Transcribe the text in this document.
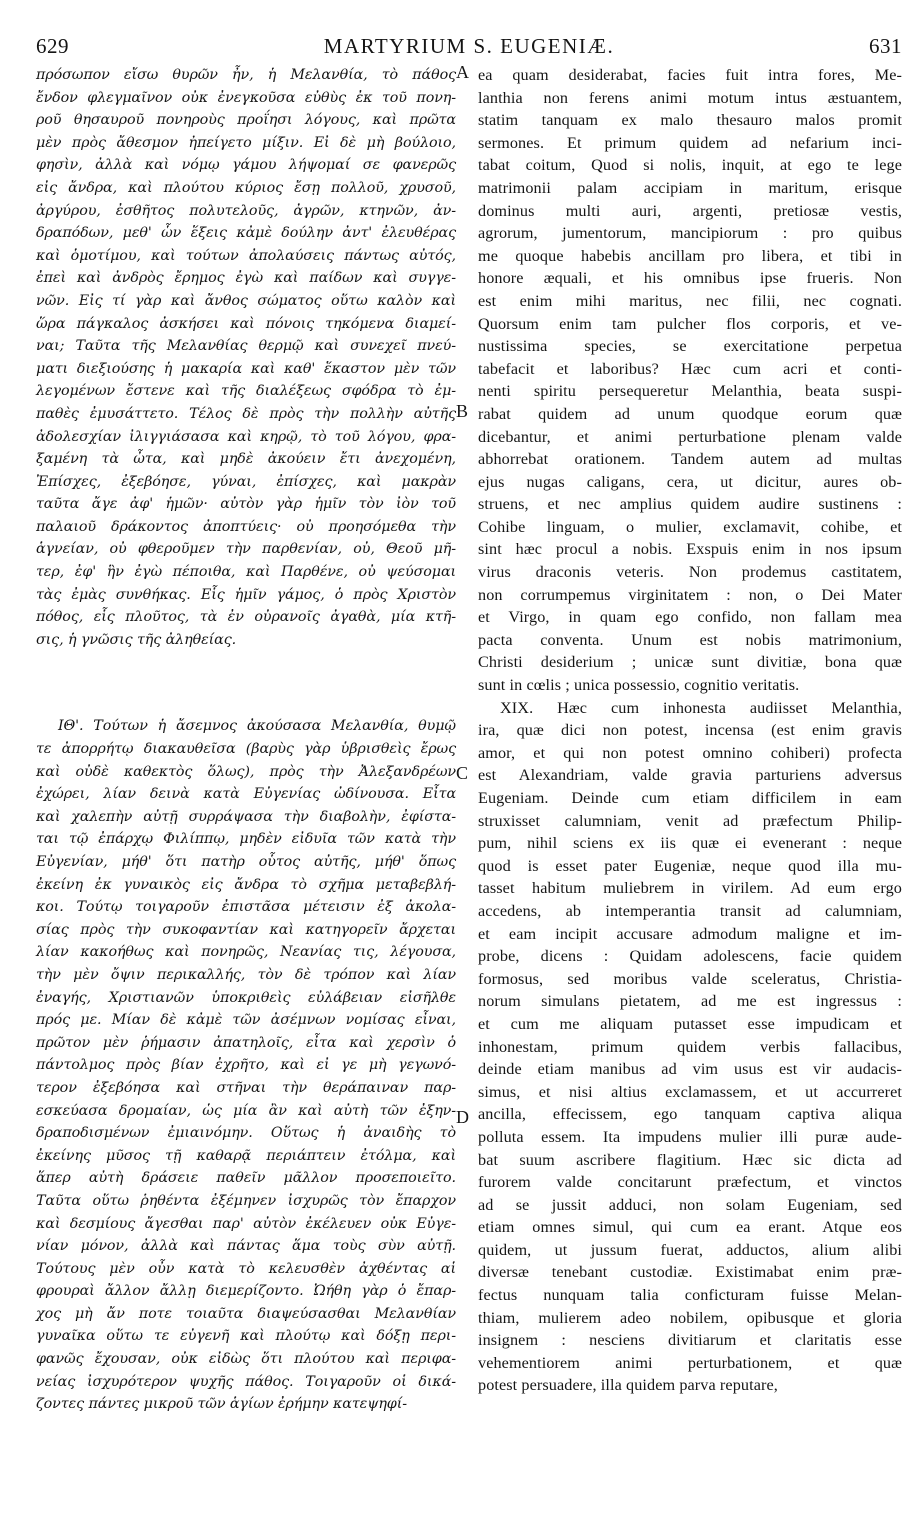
629	MARTYRIUM S. EUGENIÆ.	631
πρόσωπον εἴσω θυρῶν ἦν, ἡ Μελανθία, τὸ πάθος
ἔνδον φλεγμαῖνον οὐκ ἐνεγκοῦσα εὐθὺς ἐκ τοῦ πονη-
ροῦ θησαυροῦ πονηροὺς προΐησι λόγους, καὶ πρῶτα
μὲν πρὸς ἄθεσμον ἠπείγετο μίξιν. Εἰ δὲ μὴ βούλοιο,
φησὶν, ἀλλὰ καὶ νόμῳ γάμου λήψομαί σε φανερῶς
εἰς ἄνδρα, καὶ πλούτου κύριος ἔσῃ πολλοῦ, χρυσοῦ,
ἀργύρου, ἐσθῆτος πολυτελοῦς, ἀγρῶν, κτηνῶν, ἀν-
δραπόδων, μεθ' ὧν ἕξεις κἀμὲ δούλην ἀντ' ἐλευθέρας
καὶ ὁμοτίμου, καὶ τούτων ἀπολαύσεις πάντως αὐτός,
ἐπεὶ καὶ ἀνδρὸς ἔρημος ἐγὼ καὶ παίδων καὶ συγγε-
νῶν. Εἰς τί γὰρ καὶ ἄνθος σώματος οὕτω καλὸν καὶ
ὥρα πάγκαλος ἀσκήσει καὶ πόνοις τηκόμενα διαμεί-
ναι; Ταῦτα τῆς Μελανθίας θερμῷ καὶ συνεχεῖ πνεύ-
ματι διεξιούσης ἡ μακαρία καὶ καθ' ἕκαστον μὲν τῶν
λεγομένων ἔστενε καὶ τῆς διαλέξεως σφόδρα τὸ ἐμ-
παθὲς ἐμυσάττετο. Τέλος δὲ πρὸς τὴν πολλὴν αὐτῆς
ἀδολεσχίαν ἰλιγγιάσασα καὶ κηρῷ, τὸ τοῦ λόγου, φρα-
ξαμένη τὰ ὦτα, καὶ μηδὲ ἀκούειν ἔτι ἀνεχομένη,
Ἐπίσχες, ἐξεβόησε, γύναι, ἐπίσχες, καὶ μακρὰν
ταῦτα ἄγε ἀφ' ἡμῶν· αὐτὸν γὰρ ἡμῖν τὸν ἰὸν τοῦ
παλαιοῦ δράκοντος ἀποπτύεις· οὐ προησόμεθα τὴν
ἁγνείαν, οὐ φθεροῦμεν τὴν παρθενίαν, οὐ, Θεοῦ μῆ-
τερ, ἐφ' ἣν ἐγὼ πέποιθα, καὶ Παρθένε, οὐ ψεύσομαι
τὰς ἐμὰς συνθήκας. Εἷς ἡμῖν γάμος, ὁ πρὸς Χριστὸν
πόθος, εἷς πλοῦτος, τὰ ἐν οὐρανοῖς ἀγαθὰ, μία κτῆ-
σις, ἡ γνῶσις τῆς ἀληθείας.
ΙΘ'. Τούτων ἡ ἄσεμνος ἀκούσασα Μελανθία, θυμῷ
τε ἀπορρήτῳ διακαυθεῖσα (βαρὺς γὰρ ὑβρισθεὶς ἔρως
καὶ οὐδὲ καθεκτὸς ὅλως), πρὸς τὴν Ἀλεξανδρέων
ἐχώρει, λίαν δεινὰ κατὰ Εὐγενίας ὠδίνουσα. Εἶτα
καὶ χαλεπὴν αὐτῇ συρράψασα τὴν διαβολὴν, ἐφίστα-
ται τῷ ἐπάρχῳ Φιλίππῳ, μηδὲν εἰδυῖα τῶν κατὰ τὴν
Εὐγενίαν, μήθ' ὅτι πατὴρ οὗτος αὐτῆς, μήθ' ὅπως
ἐκείνη ἐκ γυναικὸς εἰς ἄνδρα τὸ σχῆμα μεταβεβλή-
κοι. Τούτῳ τοιγαροῦν ἐπιστᾶσα μέτεισιν ἐξ ἀκολα-
σίας πρὸς τὴν συκοφαντίαν καὶ κατηγορεῖν ἄρχεται
λίαν κακοήθως καὶ πονηρῶς, Νεανίας τις, λέγουσα,
τὴν μὲν ὄψιν περικαλλής, τὸν δὲ τρόπον καὶ λίαν
ἐναγής, Χριστιανῶν ὑποκριθεὶς εὐλάβειαν εἰσῆλθε
πρός με. Μίαν δὲ κἀμὲ τῶν ἀσέμνων νομίσας εἶναι,
πρῶτον μὲν ῥήμασιν ἀπατηλοῖς, εἶτα καὶ χερσὶν ὁ
πάντολμος πρὸς βίαν ἐχρῆτο, καὶ εἰ γε μὴ γεγωνό-
τερον ἐξεβόησα καὶ στῆναι τὴν θεράπαιναν παρ-
εσκεύασα δρομαίαν, ὡς μία ἂν καὶ αὐτὴ τῶν ἐξην-
δραποδισμένων ἐμιαινόμην. Οὕτως ἡ ἀναιδὴς τὸ
ἐκείνης μῦσος τῇ καθαρᾷ περιάπτειν ἐτόλμα, καὶ
ἅπερ αὐτὴ δράσειε παθεῖν μᾶλλον προσεποιεῖτο.
Ταῦτα οὕτω ῥηθέντα ἐξέμηνεν ἰσχυρῶς τὸν ἔπαρχον
καὶ δεσμίους ἄγεσθαι παρ' αὐτὸν ἐκέλευεν οὐκ Εὐγε-
νίαν μόνον, ἀλλὰ καὶ πάντας ἅμα τοὺς σὺν αὐτῇ.
Τούτους μὲν οὖν κατὰ τὸ κελευσθὲν ἀχθέντας αἱ
φρουραὶ ἄλλον ἄλλῃ διεμερίζοντο. Ὠήθη γὰρ ὁ ἔπαρ-
χος μὴ ἄν ποτε τοιαῦτα διαψεύσασθαι Μελανθίαν
γυναῖκα οὕτω τε εὐγενῆ καὶ πλούτῳ καὶ δόξῃ περι-
φανῶς ἔχουσαν, οὐκ εἰδὼς ὅτι πλούτου καὶ περιφα-
νείας ἰσχυρότερον ψυχῆς πάθος. Τοιγαροῦν οἱ δικά-
ζοντες πάντες μικροῦ τῶν ἁγίων ἐρήμην κατεψηφί-
ea quam desiderabat, facies fuit intra fores, Me-
lanthia non ferens animi motum intus æstuantem,
statim tanquam ex malo thesauro malos promit
sermones. Et primum quidem ad nefarium inci-
tabat coitum, Quod si nolis, inquit, at ego te lege
matrimonii palam accipiam in maritum, erisque
dominus multi auri, argenti, pretiosæ vestis,
agrorum, jumentorum, mancipiorum : pro quibus
me quoque habebis ancillam pro libera, et tibi in
honore æquali, et his omnibus ipse frueris. Non
est enim mihi maritus, nec filii, nec cognati.
Quorsum enim tam pulcher flos corporis, et ve-
nustissima species, se exercitatione perpetua
tabefacit et laboribus? Hæc cum acri et conti-
nenti spiritu persequeretur Melanthia, beata suspi-
rabat quidem ad unum quodque eorum quæ
dicebantur, et animi perturbatione plenam valde
abhorrebat orationem. Tandem autem ad multas
ejus nugas caligans, cera, ut dicitur, aures ob-
struens, et nec amplius quidem audire sustinens :
Cohibe linguam, o mulier, exclamavit, cohibe, et
sint hæc procul a nobis. Exspuis enim in nos ipsum
virus draconis veteris. Non prodemus castitatem,
non corrumpemus virginitatem : non, o Dei Mater
et Virgo, in quam ego confido, non fallam mea
pacta conventa. Unum est nobis matrimonium,
Christi desiderium ; unicæ sunt divitiæ, bona quæ
sunt in cœlis ; unica possessio, cognitio veritatis.
XIX. Hæc cum inhonesta audiisset Melanthia,
ira, quæ dici non potest, incensa (est enim gravis
amor, et qui non potest omnino cohiberi) profecta
est Alexandriam, valde gravia parturiens adversus
Eugeniam. Deinde cum etiam difficilem in eam
struxisset calumniam, venit ad præfectum Philip-
pum, nihil sciens ex iis quæ ei evenerant : neque
quod is esset pater Eugeniæ, neque quod illa mu-
tasset habitum muliebrem in virilem. Ad eum ergo
accedens, ab intemperantia transit ad calumniam,
et eam incipit accusare admodum maligne et im-
probe, dicens : Quidam adolescens, facie quidem
formosus, sed moribus valde sceleratus, Christia-
norum simulans pietatem, ad me est ingressus :
et cum me aliquam putasset esse impudicam et
inhonestam, primum quidem verbis fallacibus,
deinde etiam manibus ad vim usus est vir audacis-
simus, et nisi altius exclamassem, et ut accurreret
ancilla, effecissem, ego tanquam captiva aliqua
polluta essem. Ita impudens mulier illi puræ aude-
bat suum ascribere flagitium. Hæc sic dicta ad
furorem valde concitarunt præfectum, et vinctos
ad se jussit adduci, non solam Eugeniam, sed
etiam omnes simul, qui cum ea erant. Atque eos
quidem, ut jussum fuerat, adductos, alium alibi
diversæ tenebant custodiæ. Existimabat enim præ-
fectus nunquam talia conficturam fuisse Melan-
thiam, mulierem adeo nobilem, opibusque et gloria
insignem : nesciens divitiarum et claritatis esse
vehementiorem animi perturbationem, et quæ
potest persuadere, illa quidem parva reputare,
A
B
C
D
